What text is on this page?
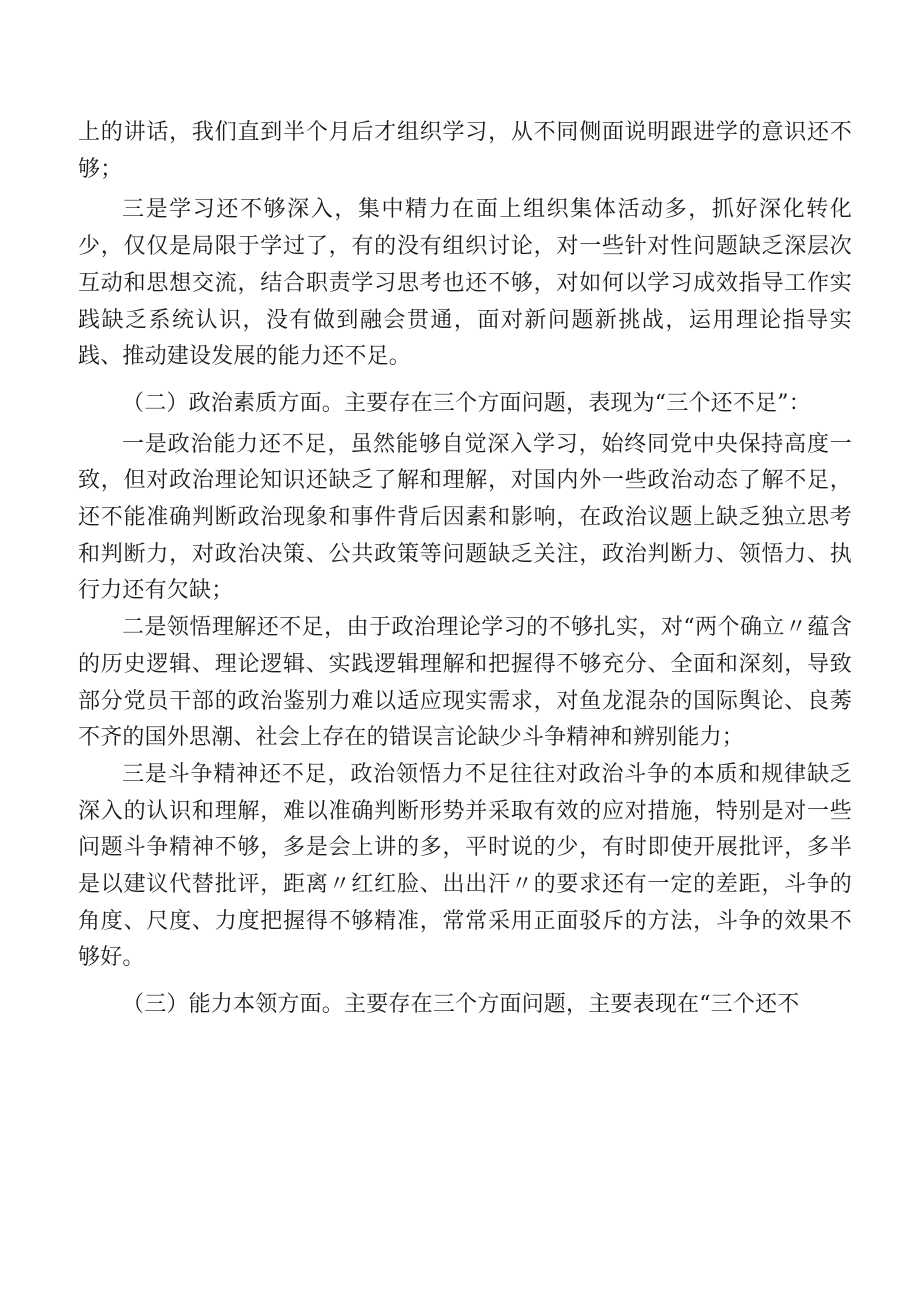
上的讲话，我们直到半个月后才组织学习，从不同侧面说明跟进学的意识还不够；

三是学习还不够深入，集中精力在面上组织集体活动多，抓好深化转化少，仅仅是局限于学过了，有的没有组织讨论，对一些针对性问题缺乏深层次互动和思想交流，结合职责学习思考也还不够，对如何以学习成效指导工作实践缺乏系统认识，没有做到融会贯通，面对新问题新挑战，运用理论指导实践、推动建设发展的能力还不足。

（二）政治素质方面。主要存在三个方面问题，表现为“三个还不足”：

一是政治能力还不足，虽然能够自觉深入学习，始终同党中央保持高度一致，但对政治理论知识还缺乏了解和理解，对国内外一些政治动态了解不足，还不能准确判断政治现象和事件背后因素和影响，在政治议题上缺乏独立思考和判断力，对政治决策、公共政策等问题缺乏关注，政治判断力、领悟力、执行力还有欠缺；

二是领悟理解还不足，由于政治理论学习的不够扎实，对“两个确立〃蕴含的历史逻辑、理论逻辑、实践逻辑理解和把握得不够充分、全面和深刻，导致部分党员干部的政治鉴别力难以适应现实需求，对鱼龙混杂的国际舆论、良莠不齐的国外思潮、社会上存在的错误言论缺少斗争精神和辨别能力；

三是斗争精神还不足，政治领悟力不足往往对政治斗争的本质和规律缺乏深入的认识和理解，难以准确判断形势并采取有效的应对措施，特别是对一些问题斗争精神不够，多是会上讲的多，平时说的少，有时即使开展批评，多半是以建议代替批评，距离〃红红脸、出出汗〃的要求还有一定的差距，斗争的角度、尺度、力度把握得不够精准，常常采用正面驳斥的方法，斗争的效果不够好。

（三）能力本领方面。主要存在三个方面问题，主要表现在“三个还不
